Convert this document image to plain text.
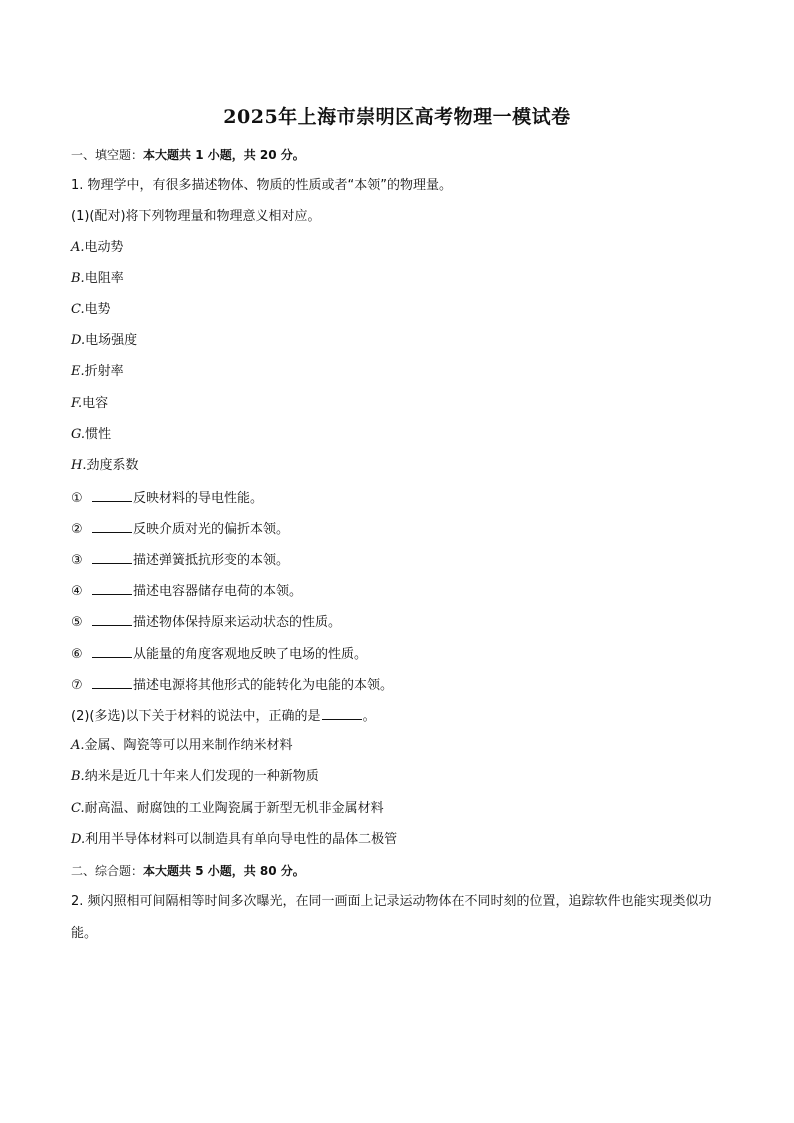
2025年上海市崇明区高考物理一模试卷
一、填空题：本大题共 1 小题，共 20 分。
1. 物理学中，有很多描述物体、物质的性质或者“本领”的物理量。
(1)(配对)将下列物理量和物理意义相对应。
A.电动势
B.电阻率
C.电势
D.电场强度
E.折射率
F.电容
G.惯性
H.劲度系数
①	反映材料的导电性能。
②	反映介质对光的偏折本领。
③	描述弹簧抵抗形变的本领。
④	描述电容器储存电荷的本领。
⑤	描述物体保持原来运动状态的性质。
⑥	从能量的角度客观地反映了电场的性质。
⑦	描述电源将其他形式的能转化为电能的本领。
(2)(多选)以下关于材料的说法中，正确的是	。
A.金属、陶瓷等可以用来制作纳米材料
B.纳米是近几十年来人们发现的一种新物质
C.耐高温、耐腐蚀的工业陶瓷属于新型无机非金属材料
D.利用半导体材料可以制造具有单向导电性的晶体二极管
二、综合题：本大题共 5 小题，共 80 分。
2. 频闪照相可间隔相等时间多次曝光，在同一画面上记录运动物体在不同时刻的位置，追踪软件也能实现类似功能。
